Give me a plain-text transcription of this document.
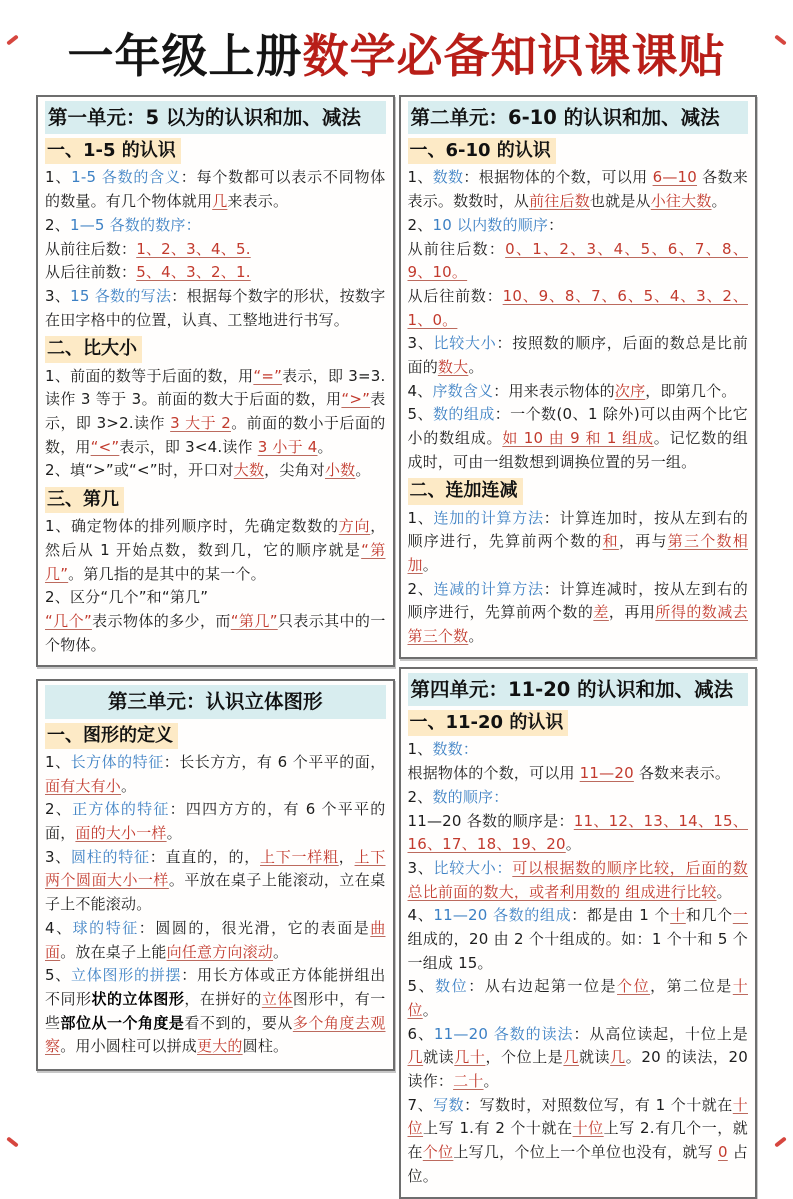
一年级上册数学必备知识课课贴
第一单元：5 以为的认识和加、减法
一、1-5 的认识
1、1-5 各数的含义：每个数都可以表示不同物体的数量。有几个物体就用几来表示。
2、1—5 各数的数序：
从前往后数：1、2、3、4、5.
从后往前数：5、4、3、2、1.
3、15 各数的写法：根据每个数字的形状，按数字在田字格中的位置，认真、工整地进行书写。
二、比大小
1、前面的数等于后面的数，用“=”表示，即 3=3.读作 3 等于 3。前面的数大于后面的数，用“>”表示，即 3>2.读作 3 大于 2。前面的数小于后面的数，用“<”表示，即 3<4.读作 3 小于 4。
2、填“>”或“<”时，开口对大数，尖角对小数。
三、第几
1、确定物体的排列顺序时，先确定数数的方向，然后从 1 开始点数，数到几，它的顺序就是“第几”。第几指的是其中的某一个。
2、区分“几个”和“第几”
“几个”表示物体的多少，而“第几”只表示其中的一个物体。
第三单元：认识立体图形
一、图形的定义
1、长方体的特征：长长方方，有 6 个平平的面，面有大有小。
2、正方体的特征：四四方方的，有 6 个平平的面，面的大小一样。
3、圆柱的特征：直直的，的，上下一样粗，上下两个圆面大小一样。平放在桌子上能滚动，立在桌子上不能滚动。
4、球的特征：圆圆的，很光滑，它的表面是曲面。放在桌子上能向任意方向滚动。
5、立体图形的拼摆：用长方体或正方体能拼组出不同形状的立体图形，在拼好的立体图形中，有一些部位从一个角度是看不到的，要从多个角度去观察。用小圆柱可以拼成更大的圆柱。
第二单元：6-10 的认识和加、减法
一、6-10 的认识
1、数数：根据物体的个数，可以用 6—10 各数来表示。数数时，从前往后数也就是从小往大数。
2、10 以内数的顺序：
从前往后数：0、1、2、3、4、5、6、7、8、9、10。
从后往前数：10、9、8、7、6、5、4、3、2、1、0。
3、比较大小：按照数的顺序，后面的数总是比前面的数大。
4、序数含义：用来表示物体的次序，即第几个。
5、数的组成：一个数(0、1 除外)可以由两个比它小的数组成。如 10 由 9 和 1 组成。记忆数的组成时，可由一组数想到调换位置的另一组。
二、连加连减
1、连加的计算方法：计算连加时，按从左到右的顺序进行，先算前两个数的和，再与第三个数相加。
2、连减的计算方法：计算连减时，按从左到右的顺序进行，先算前两个数的差，再用所得的数减去第三个数。
第四单元：11-20 的认识和加、减法
一、11-20 的认识
1、数数：
根据物体的个数，可以用 11—20 各数来表示。
2、数的顺序：
11—20 各数的顺序是：11、12、13、14、15、16、17、18、19、20。
3、比较大小：可以根据数的顺序比较，后面的数总比前面的数大，或者利用数的 组成进行比较。
4、11—20 各数的组成：都是由 1 个十和几个一组成的，20 由 2 个十组成的。如：1 个十和 5 个一组成 15。
5、数位：从右边起第一位是个位，第二位是十位。
6、11—20 各数的读法：从高位读起，十位上是几就读几十，个位上是几就读几。20 的读法，20 读作：二十。
7、写数：写数时，对照数位写，有 1 个十就在十位上写 1.有 2 个十就在十位上写 2.有几个一，就在个位上写几，个位上一个单位也没有，就写 0 占位。
